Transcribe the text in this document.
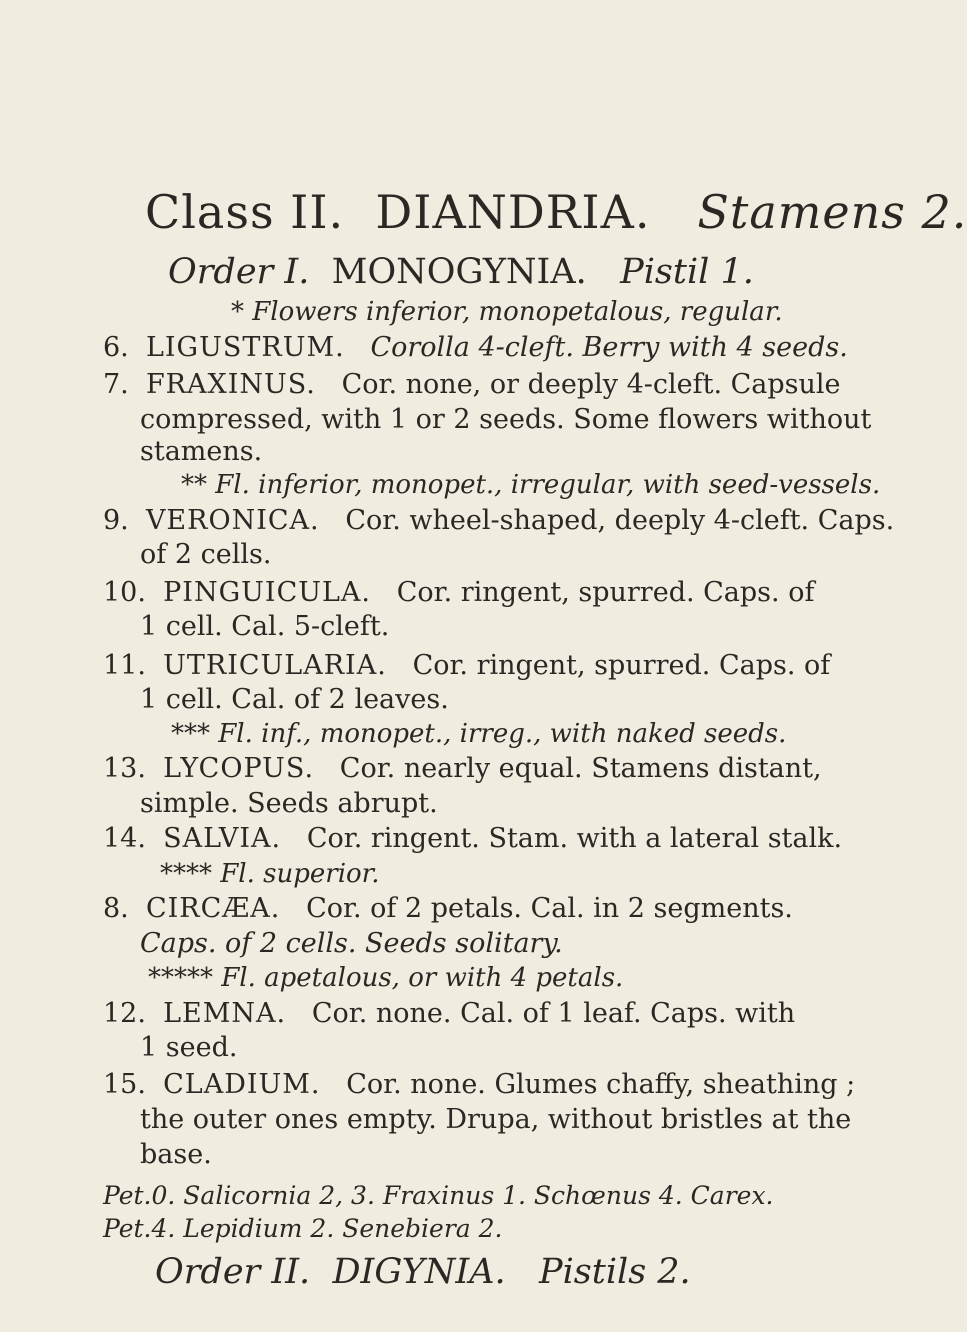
Class II. DIANDRIA. Stamens 2.
Order I. MONOGYNIA. Pistil 1.
* Flowers inferior, monopetalous, regular.
6. LIGUSTRUM. Corolla 4-cleft. Berry with 4 seeds.
7. FRAXINUS. Cor. none, or deeply 4-cleft. Capsule
compressed, with 1 or 2 seeds. Some flowers without
stamens.
** Fl. inferior, monopet., irregular, with seed-vessels.
9. VERONICA. Cor. wheel-shaped, deeply 4-cleft. Caps.
of 2 cells.
10. PINGUICULA. Cor. ringent, spurred. Caps. of
1 cell. Cal. 5-cleft.
11. UTRICULARIA. Cor. ringent, spurred. Caps. of
1 cell. Cal. of 2 leaves.
*** Fl. inf., monopet., irreg., with naked seeds.
13. LYCOPUS. Cor. nearly equal. Stamens distant,
simple. Seeds abrupt.
14. SALVIA. Cor. ringent. Stam. with a lateral stalk.
**** Fl. superior.
8. CIRCÆA. Cor. of 2 petals. Cal. in 2 segments.
Caps. of 2 cells. Seeds solitary.
***** Fl. apetalous, or with 4 petals.
12. LEMNA. Cor. none. Cal. of 1 leaf. Caps. with
1 seed.
15. CLADIUM. Cor. none. Glumes chaffy, sheathing ;
the outer ones empty. Drupa, without bristles at the
base.
Pet.0. Salicornia 2, 3. Fraxinus 1. Schœnus 4. Carex.
Pet.4. Lepidium 2. Senebiera 2.
Order II. DIGYNIA. Pistils 2.
